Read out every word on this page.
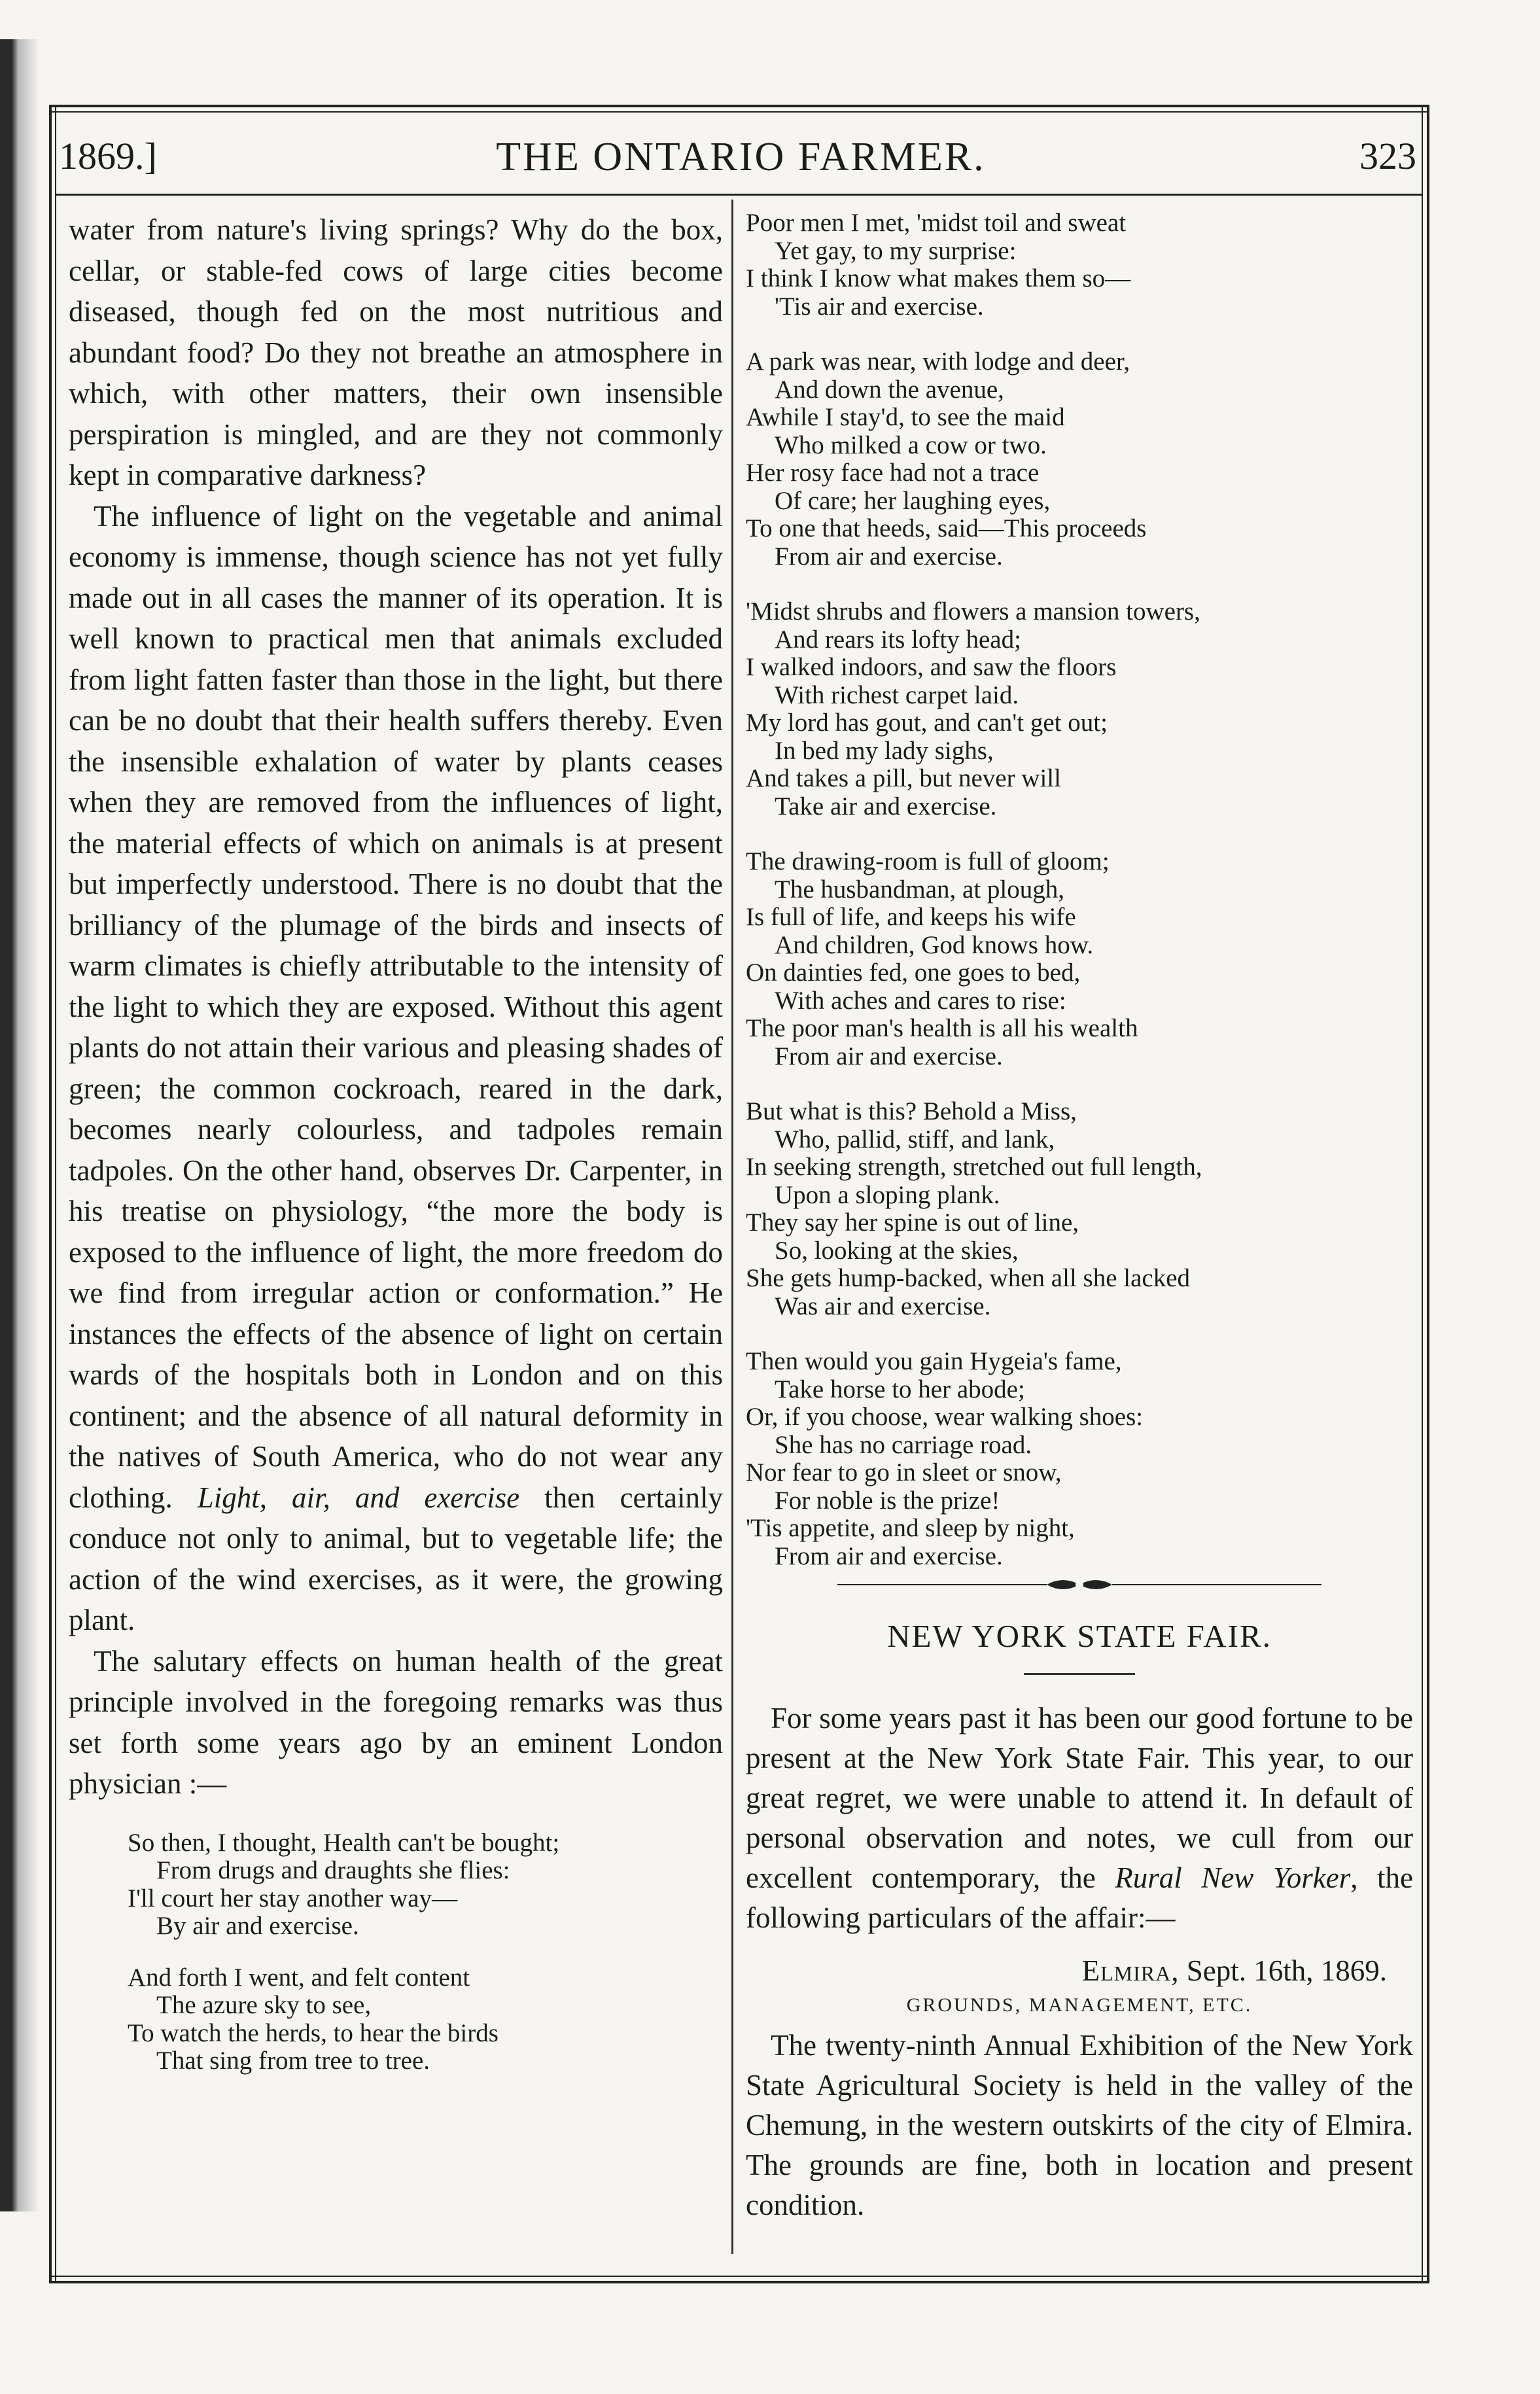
1869.]	THE ONTARIO FARMER.	323

water from nature's living springs? Why do the box, cellar, or stable-fed cows of large cities become diseased, though fed on the most nutritious and abundant food? Do they not breathe an atmosphere in which, with other matters, their own insensible perspiration is mingled, and are they not commonly kept in comparative darkness?

The influence of light on the vegetable and animal economy is immense, though science has not yet fully made out in all cases the manner of its operation. It is well known to practical men that animals excluded from light fatten faster than those in the light, but there can be no doubt that their health suffers thereby. Even the insensible exhalation of water by plants ceases when they are removed from the influences of light, the material effects of which on animals is at present but imperfectly understood. There is no doubt that the brilliancy of the plumage of the birds and insects of warm climates is chiefly attributable to the intensity of the light to which they are exposed. Without this agent plants do not attain their various and pleasing shades of green; the common cockroach, reared in the dark, becomes nearly colourless, and tadpoles remain tadpoles. On the other hand, observes Dr. Carpenter, in his treatise on physiology, “the more the body is exposed to the influence of light, the more freedom do we find from irregular action or conformation.” He instances the effects of the absence of light on certain wards of the hospitals both in London and on this continent; and the absence of all natural deformity in the natives of South America, who do not wear any clothing. Light, air, and exercise then certainly conduce not only to animal, but to vegetable life; the action of the wind exercises, as it were, the growing plant.

The salutary effects on human health of the great principle involved in the foregoing remarks was thus set forth some years ago by an eminent London physician :—

So then, I thought, Health can't be bought;
From drugs and draughts she flies:
I'll court her stay another way—
By air and exercise.
And forth I went, and felt content
The azure sky to see,
To watch the herds, to hear the birds
That sing from tree to tree.
Poor men I met, 'midst toil and sweat
Yet gay, to my surprise:
I think I know what makes them so—
'Tis air and exercise.
A park was near, with lodge and deer,
And down the avenue,
Awhile I stay'd, to see the maid
Who milked a cow or two.
Her rosy face had not a trace
Of care; her laughing eyes,
To one that heeds, said—This proceeds
From air and exercise.
'Midst shrubs and flowers a mansion towers,
And rears its lofty head;
I walked indoors, and saw the floors
With richest carpet laid.
My lord has gout, and can't get out;
In bed my lady sighs,
And takes a pill, but never will
Take air and exercise.
The drawing-room is full of gloom;
The husbandman, at plough,
Is full of life, and keeps his wife
And children, God knows how.
On dainties fed, one goes to bed,
With aches and cares to rise:
The poor man's health is all his wealth
From air and exercise.
But what is this? Behold a Miss,
Who, pallid, stiff, and lank,
In seeking strength, stretched out full length,
Upon a sloping plank.
They say her spine is out of line,
So, looking at the skies,
She gets hump-backed, when all she lacked
Was air and exercise.
Then would you gain Hygeia's fame,
Take horse to her abode;
Or, if you choose, wear walking shoes:
She has no carriage road.
Nor fear to go in sleet or snow,
For noble is the prize!
'Tis appetite, and sleep by night,
From air and exercise.
NEW YORK STATE FAIR.

For some years past it has been our good fortune to be present at the New York State Fair. This year, to our great regret, we were unable to attend it. In default of personal observation and notes, we cull from our excellent contemporary, the Rural New Yorker, the following particulars of the affair:—

Elmira, Sept. 16th, 1869.
GROUNDS, MANAGEMENT, ETC.

The twenty-ninth Annual Exhibition of the New York State Agricultural Society is held in the valley of the Chemung, in the western outskirts of the city of Elmira. The grounds are fine, both in location and present condition.
